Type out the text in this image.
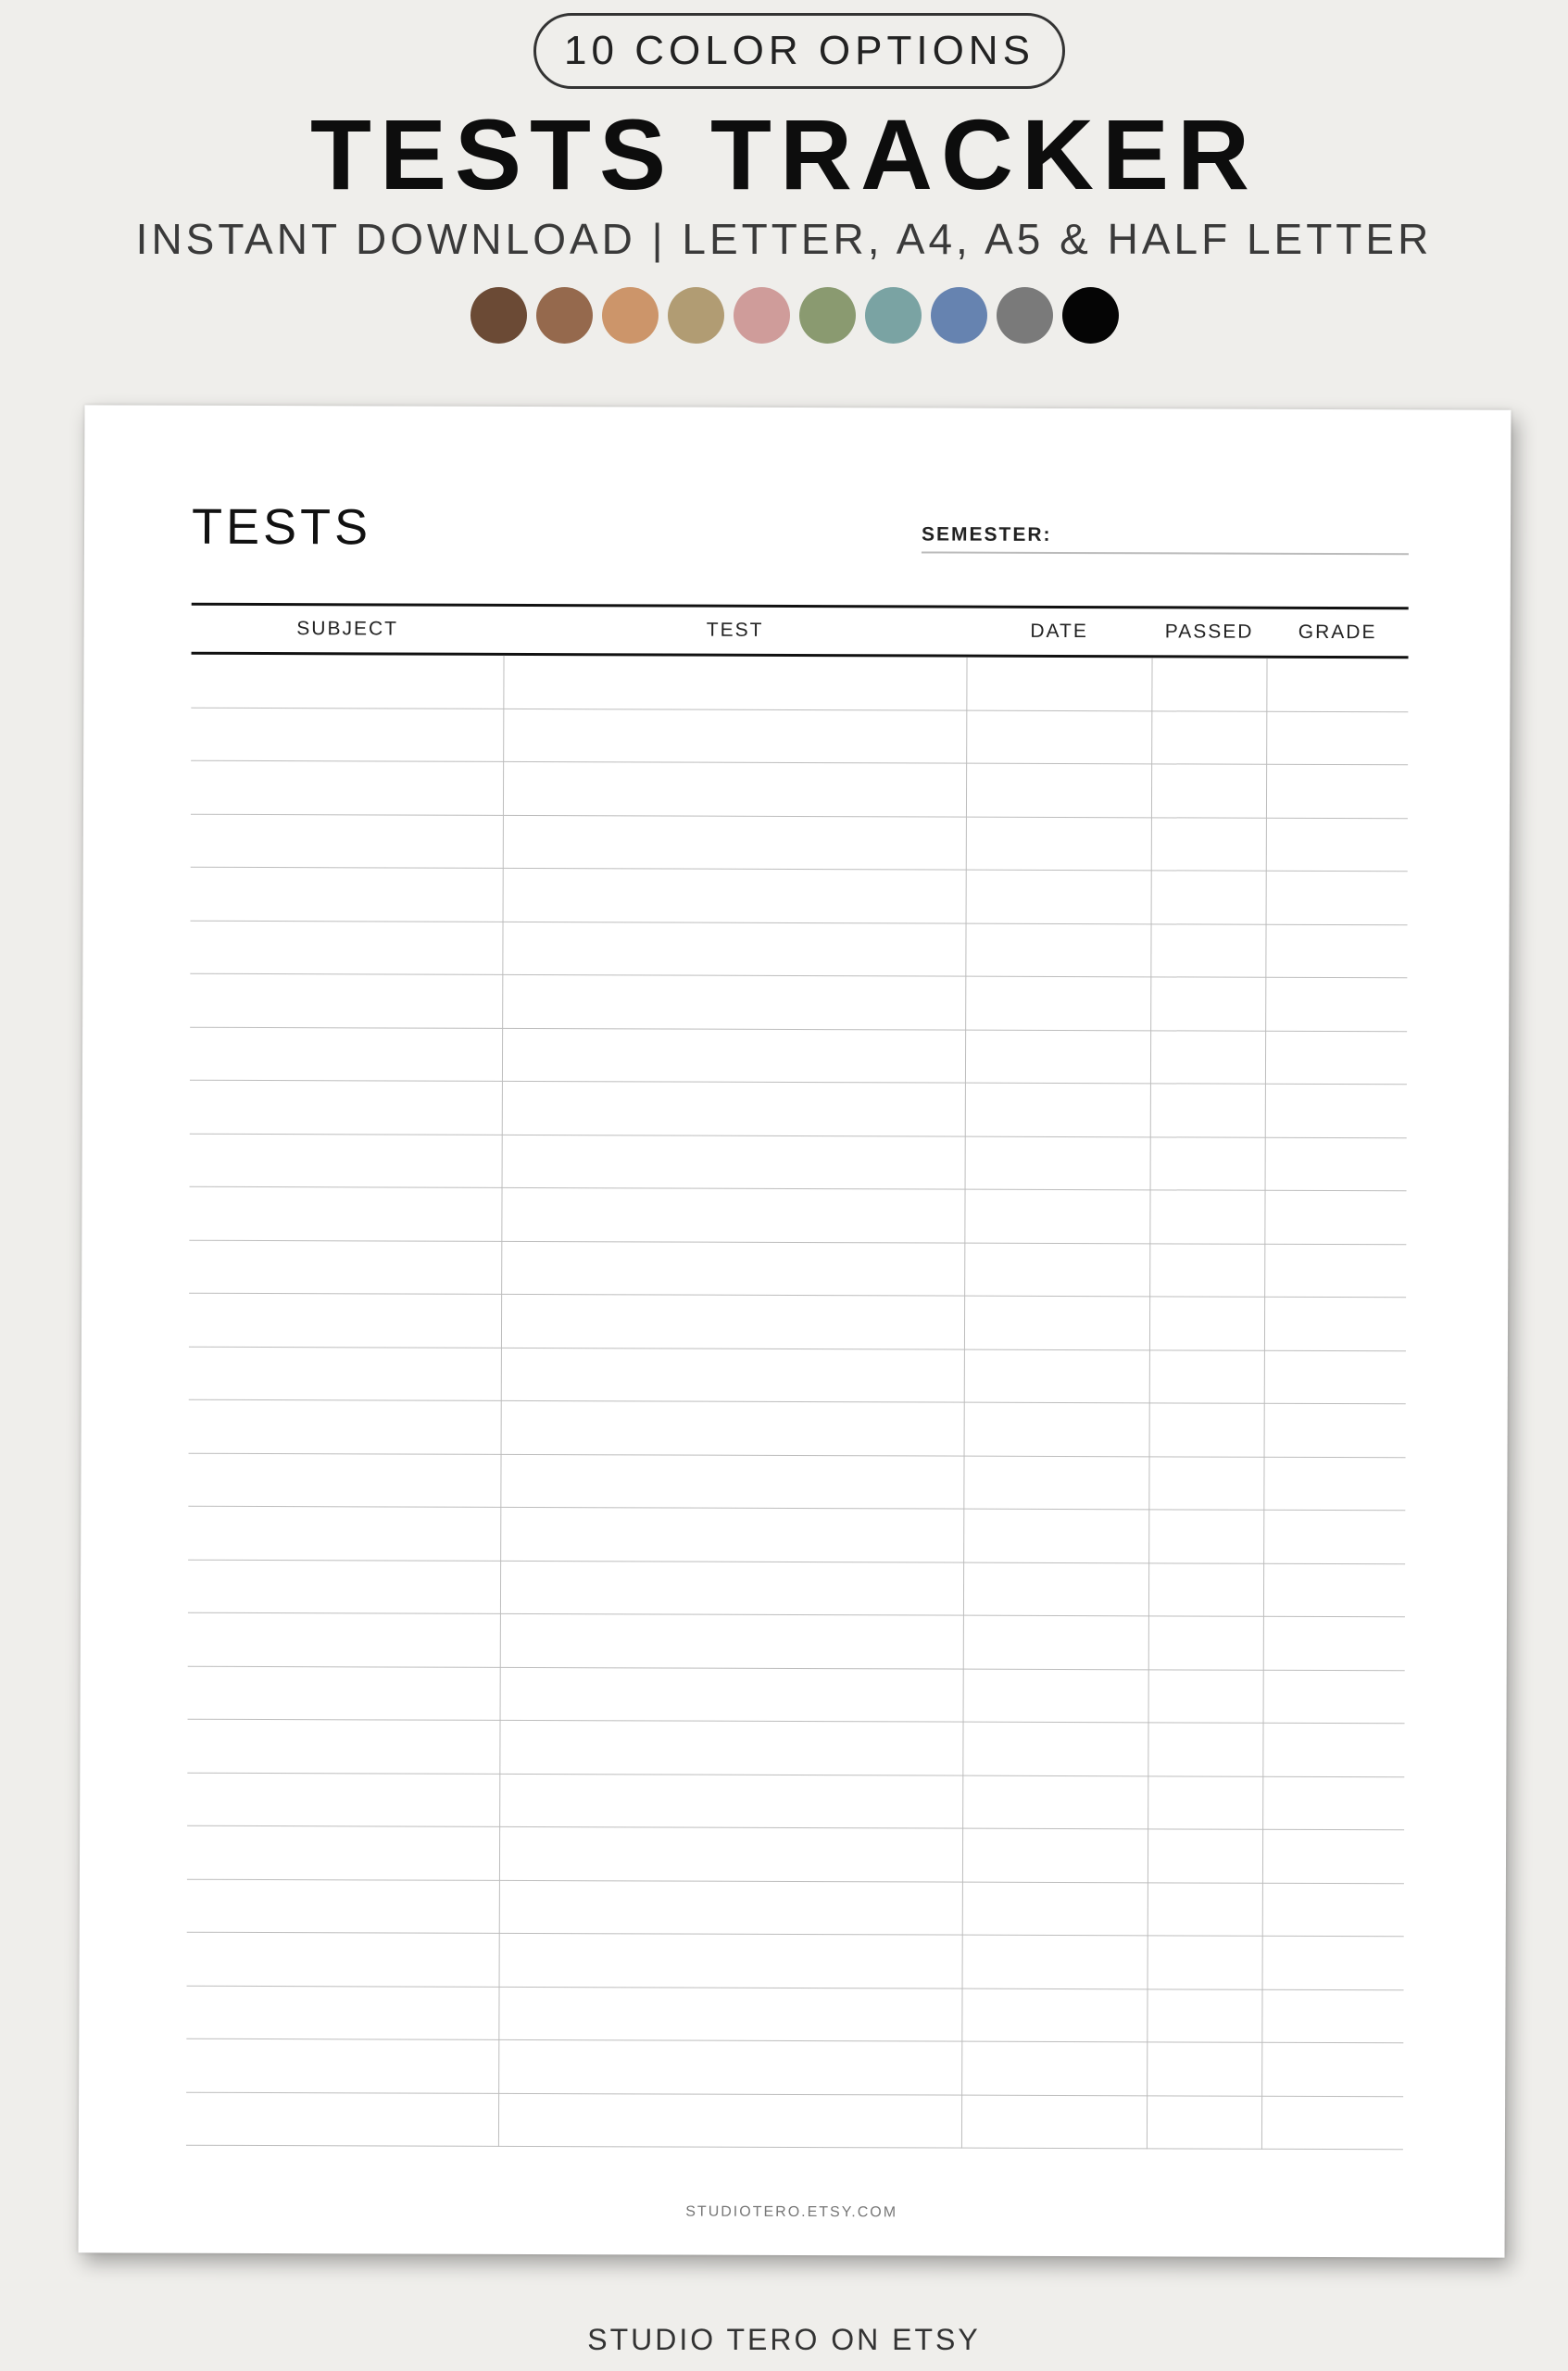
10 COLOR OPTIONS
TESTS TRACKER
INSTANT DOWNLOAD | LETTER, A4, A5 & HALF LETTER
TESTS	SEMESTER:
SUBJECT	TEST	DATE	PASSED	GRADE
STUDIOTERO.ETSY.COM
STUDIO TERO ON ETSY
